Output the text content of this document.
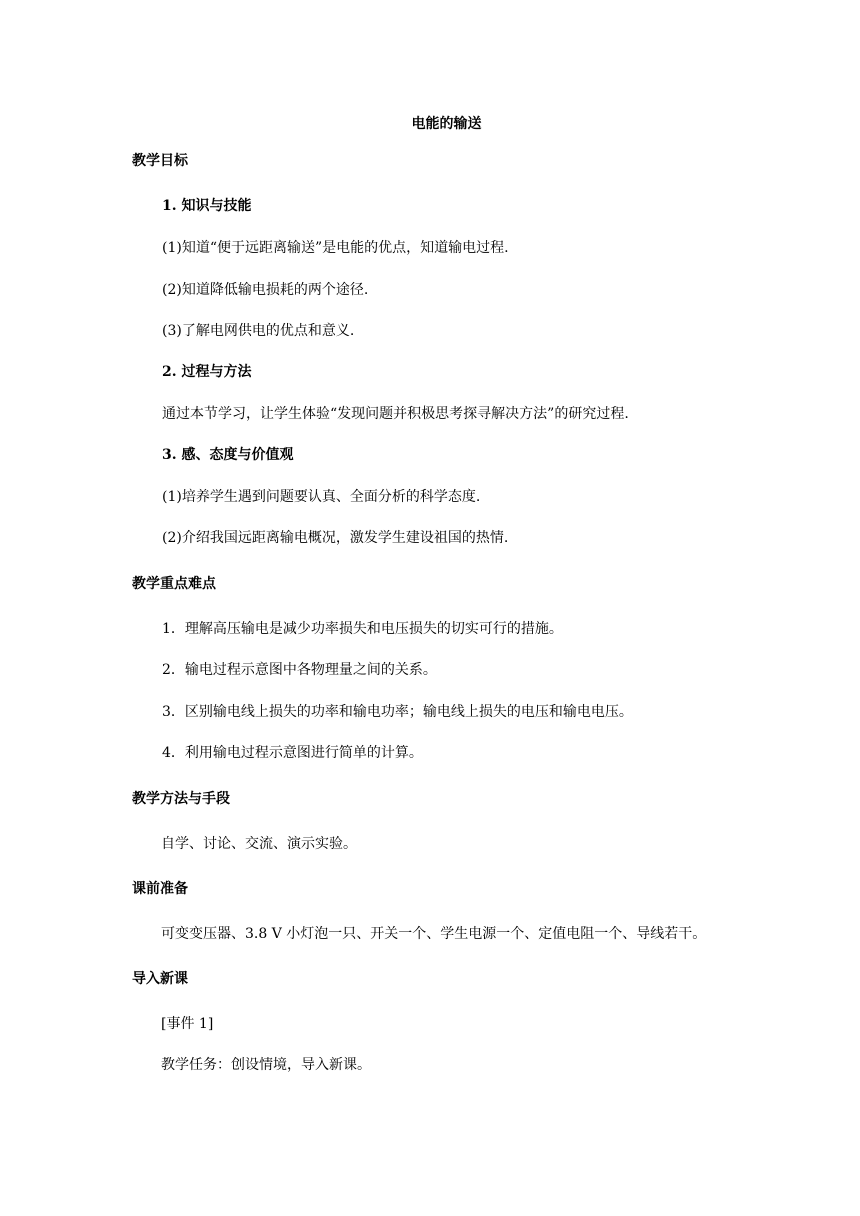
电能的输送
教学目标
1. 知识与技能
(1)知道“便于远距离输送”是电能的优点，知道输电过程.
(2)知道降低输电损耗的两个途径.
(3)了解电网供电的优点和意义.
2. 过程与方法
通过本节学习，让学生体验“发现问题并积极思考探寻解决方法”的研究过程.
3. 感、态度与价值观
(1)培养学生遇到问题要认真、全面分析的科学态度.
(2)介绍我国远距离输电概况，激发学生建设祖国的热情.
教学重点难点
1．理解高压输电是减少功率损失和电压损失的切实可行的措施。
2．输电过程示意图中各物理量之间的关系。
3．区别输电线上损失的功率和输电功率；输电线上损失的电压和输电电压。
4．利用输电过程示意图进行简单的计算。
教学方法与手段
自学、讨论、交流、演示实验。
课前准备
可变变压器、3.8 V 小灯泡一只、开关一个、学生电源一个、定值电阻一个、导线若干。
导入新课
[事件 1]
教学任务：创设情境，导入新课。
